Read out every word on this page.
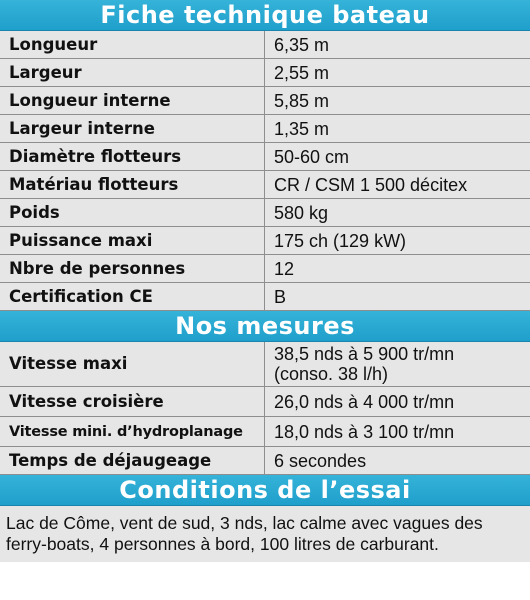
Fiche technique bateau
Longueur	6,35 m
Largeur	2,55 m
Longueur interne	5,85 m
Largeur interne	1,35 m
Diamètre flotteurs	50-60 cm
Matériau flotteurs	CR / CSM 1 500 décitex
Poids	580 kg
Puissance maxi	175 ch (129 kW)
Nbre de personnes	12
Certification CE	B
Nos mesures
Vitesse maxi	38,5 nds à 5 900 tr/mn
(conso. 38 l/h)

Vitesse croisière	26,0 nds à 4 000 tr/mn
Vitesse mini. d’hydroplanage	18,0 nds à 3 100 tr/mn
Temps de déjaugeage	6 secondes
Conditions de l’essai
Lac de Côme, vent de sud, 3 nds, lac calme avec vagues des ferry-boats, 4 personnes à bord, 100 litres de carburant.
